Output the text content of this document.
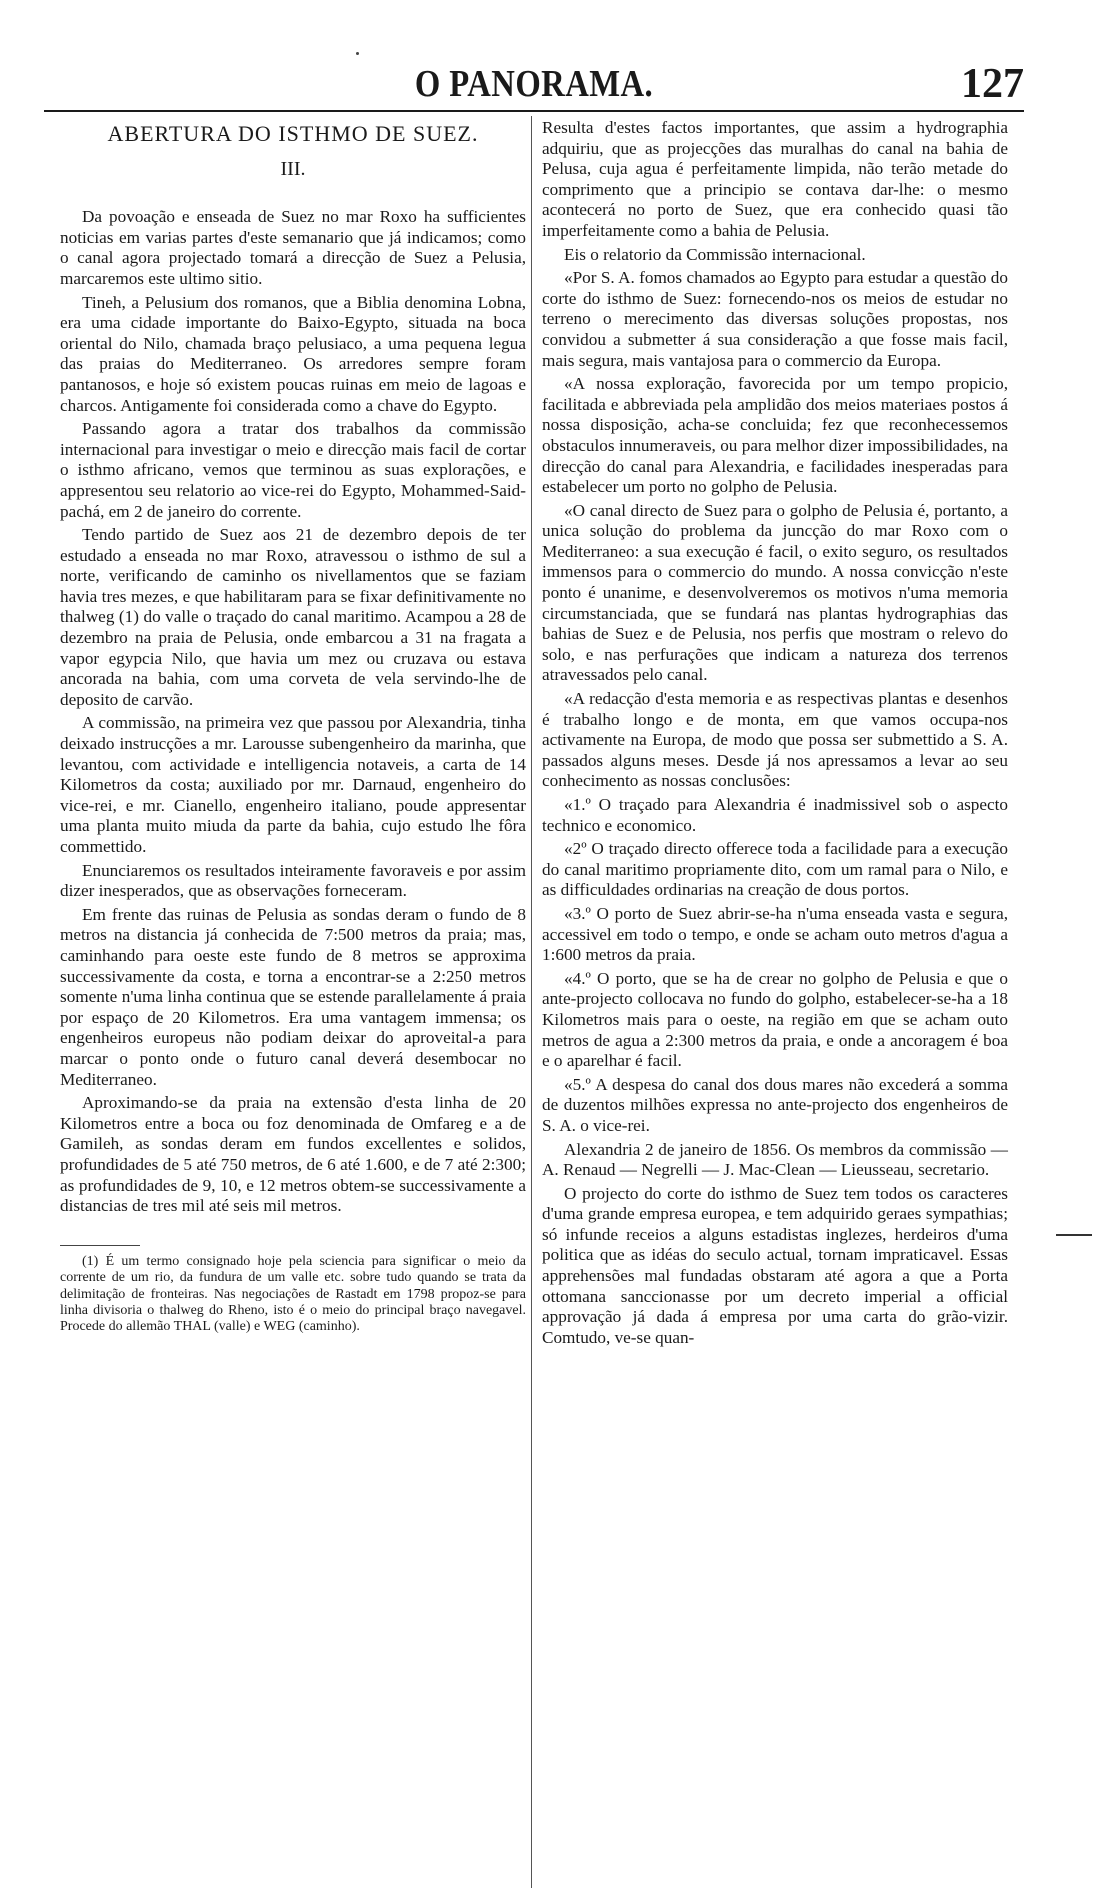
O PANORAMA.	127
ABERTURA DO ISTHMO DE SUEZ.
III.

Da povoação e enseada de Suez no mar Roxo ha sufficientes noticias em varias partes d'este semanario que já indicamos; como o canal agora projectado tomará a direcção de Suez a Pelusia, marcaremos este ultimo sitio.

Tineh, a Pelusium dos romanos, que a Biblia denomina Lobna, era uma cidade importante do Baixo-Egypto, situada na boca oriental do Nilo, chamada braço pelusiaco, a uma pequena legua das praias do Mediterraneo. Os arredores sempre foram pantanosos, e hoje só existem poucas ruinas em meio de lagoas e charcos. Antigamente foi considerada como a chave do Egypto.

Passando agora a tratar dos trabalhos da commissão internacional para investigar o meio e direcção mais facil de cortar o isthmo africano, vemos que terminou as suas explorações, e appresentou seu relatorio ao vice-rei do Egypto, Mohammed-Said-pachá, em 2 de janeiro do corrente.

Tendo partido de Suez aos 21 de dezembro depois de ter estudado a enseada no mar Roxo, atravessou o isthmo de sul a norte, verificando de caminho os nivellamentos que se faziam havia tres mezes, e que habilitaram para se fixar definitivamente no thalweg (1) do valle o traçado do canal maritimo. Acampou a 28 de dezembro na praia de Pelusia, onde embarcou a 31 na fragata a vapor egypcia Nilo, que havia um mez ou cruzava ou estava ancorada na bahia, com uma corveta de vela servindo-lhe de deposito de carvão.

A commissão, na primeira vez que passou por Alexandria, tinha deixado instrucções a mr. Larousse subengenheiro da marinha, que levantou, com actividade e intelligencia notaveis, a carta de 14 Kilometros da costa; auxiliado por mr. Darnaud, engenheiro do vice-rei, e mr. Cianello, engenheiro italiano, poude appresentar uma planta muito miuda da parte da bahia, cujo estudo lhe fôra commettido.

Enunciaremos os resultados inteiramente favoraveis e por assim dizer inesperados, que as observações forneceram.

Em frente das ruinas de Pelusia as sondas deram o fundo de 8 metros na distancia já conhecida de 7:500 metros da praia; mas, caminhando para oeste este fundo de 8 metros se approxima successivamente da costa, e torna a encontrar-se a 2:250 metros somente n'uma linha continua que se estende parallelamente á praia por espaço de 20 Kilometros. Era uma vantagem immensa; os engenheiros europeus não podiam deixar do aproveital-a para marcar o ponto onde o futuro canal deverá desembocar no Mediterraneo.

Aproximando-se da praia na extensão d'esta linha de 20 Kilometros entre a boca ou foz denominada de Omfareg e a de Gamileh, as sondas deram em fundos excellentes e solidos, profundidades de 5 até 750 metros, de 6 até 1.600, e de 7 até 2:300; as profundidades de 9, 10, e 12 metros obtem-se successivamente a distancias de tres mil até seis mil metros.

(1) É um termo consignado hoje pela sciencia para significar o meio da corrente de um rio, da fundura de um valle etc. sobre tudo quando se trata da delimitação de fronteiras. Nas negociações de Rastadt em 1798 propoz-se para linha divisoria o thalweg do Rheno, isto é o meio do principal braço navegavel. Procede do allemão THAL (valle) e WEG (caminho).

Resulta d'estes factos importantes, que assim a hydrographia adquiriu, que as projecções das muralhas do canal na bahia de Pelusa, cuja agua é perfeitamente limpida, não terão metade do comprimento que a principio se contava dar-lhe: o mesmo acontecerá no porto de Suez, que era conhecido quasi tão imperfeitamente como a bahia de Pelusia.

Eis o relatorio da Commissão internacional.

«Por S. A. fomos chamados ao Egypto para estudar a questão do corte do isthmo de Suez: fornecendo-nos os meios de estudar no terreno o merecimento das diversas soluções propostas, nos convidou a submetter á sua consideração a que fosse mais facil, mais segura, mais vantajosa para o commercio da Europa.

«A nossa exploração, favorecida por um tempo propicio, facilitada e abbreviada pela amplidão dos meios materiaes postos á nossa disposição, acha-se concluida; fez que reconhecessemos obstaculos innumeraveis, ou para melhor dizer impossibilidades, na direcção do canal para Alexandria, e facilidades inesperadas para estabelecer um porto no golpho de Pelusia.

«O canal directo de Suez para o golpho de Pelusia é, portanto, a unica solução do problema da juncção do mar Roxo com o Mediterraneo: a sua execução é facil, o exito seguro, os resultados immensos para o commercio do mundo. A nossa convicção n'este ponto é unanime, e desenvolveremos os motivos n'uma memoria circumstanciada, que se fundará nas plantas hydrographias das bahias de Suez e de Pelusia, nos perfis que mostram o relevo do solo, e nas perfurações que indicam a natureza dos terrenos atravessados pelo canal.

«A redacção d'esta memoria e as respectivas plantas e desenhos é trabalho longo e de monta, em que vamos occupa-nos activamente na Europa, de modo que possa ser submettido a S. A. passados alguns meses. Desde já nos apressamos a levar ao seu conhecimento as nossas conclusões:

«1.º O traçado para Alexandria é inadmissivel sob o aspecto technico e economico.

«2º O traçado directo offerece toda a facilidade para a execução do canal maritimo propriamente dito, com um ramal para o Nilo, e as difficuldades ordinarias na creação de dous portos.

«3.º O porto de Suez abrir-se-ha n'uma enseada vasta e segura, accessivel em todo o tempo, e onde se acham outo metros d'agua a 1:600 metros da praia.

«4.º O porto, que se ha de crear no golpho de Pelusia e que o ante-projecto collocava no fundo do golpho, estabelecer-se-ha a 18 Kilometros mais para o oeste, na região em que se acham outo metros de agua a 2:300 metros da praia, e onde a ancoragem é boa e o aparelhar é facil.

«5.º A despesa do canal dos dous mares não excederá a somma de duzentos milhões expressa no ante-projecto dos engenheiros de S. A. o vice-rei.

Alexandria 2 de janeiro de 1856. Os membros da commissão — A. Renaud — Negrelli — J. Mac-Clean — Lieusseau, secretario.

O projecto do corte do isthmo de Suez tem todos os caracteres d'uma grande empresa europea, e tem adquirido geraes sympathias; só infunde receios a alguns estadistas inglezes, herdeiros d'uma politica que as idéas do seculo actual, tornam impraticavel. Essas apprehensões mal fundadas obstaram até agora a que a Porta ottomana sanccionasse por um decreto imperial a official approvação já dada á empresa por uma carta do grão-vizir. Comtudo, ve-se quan-
